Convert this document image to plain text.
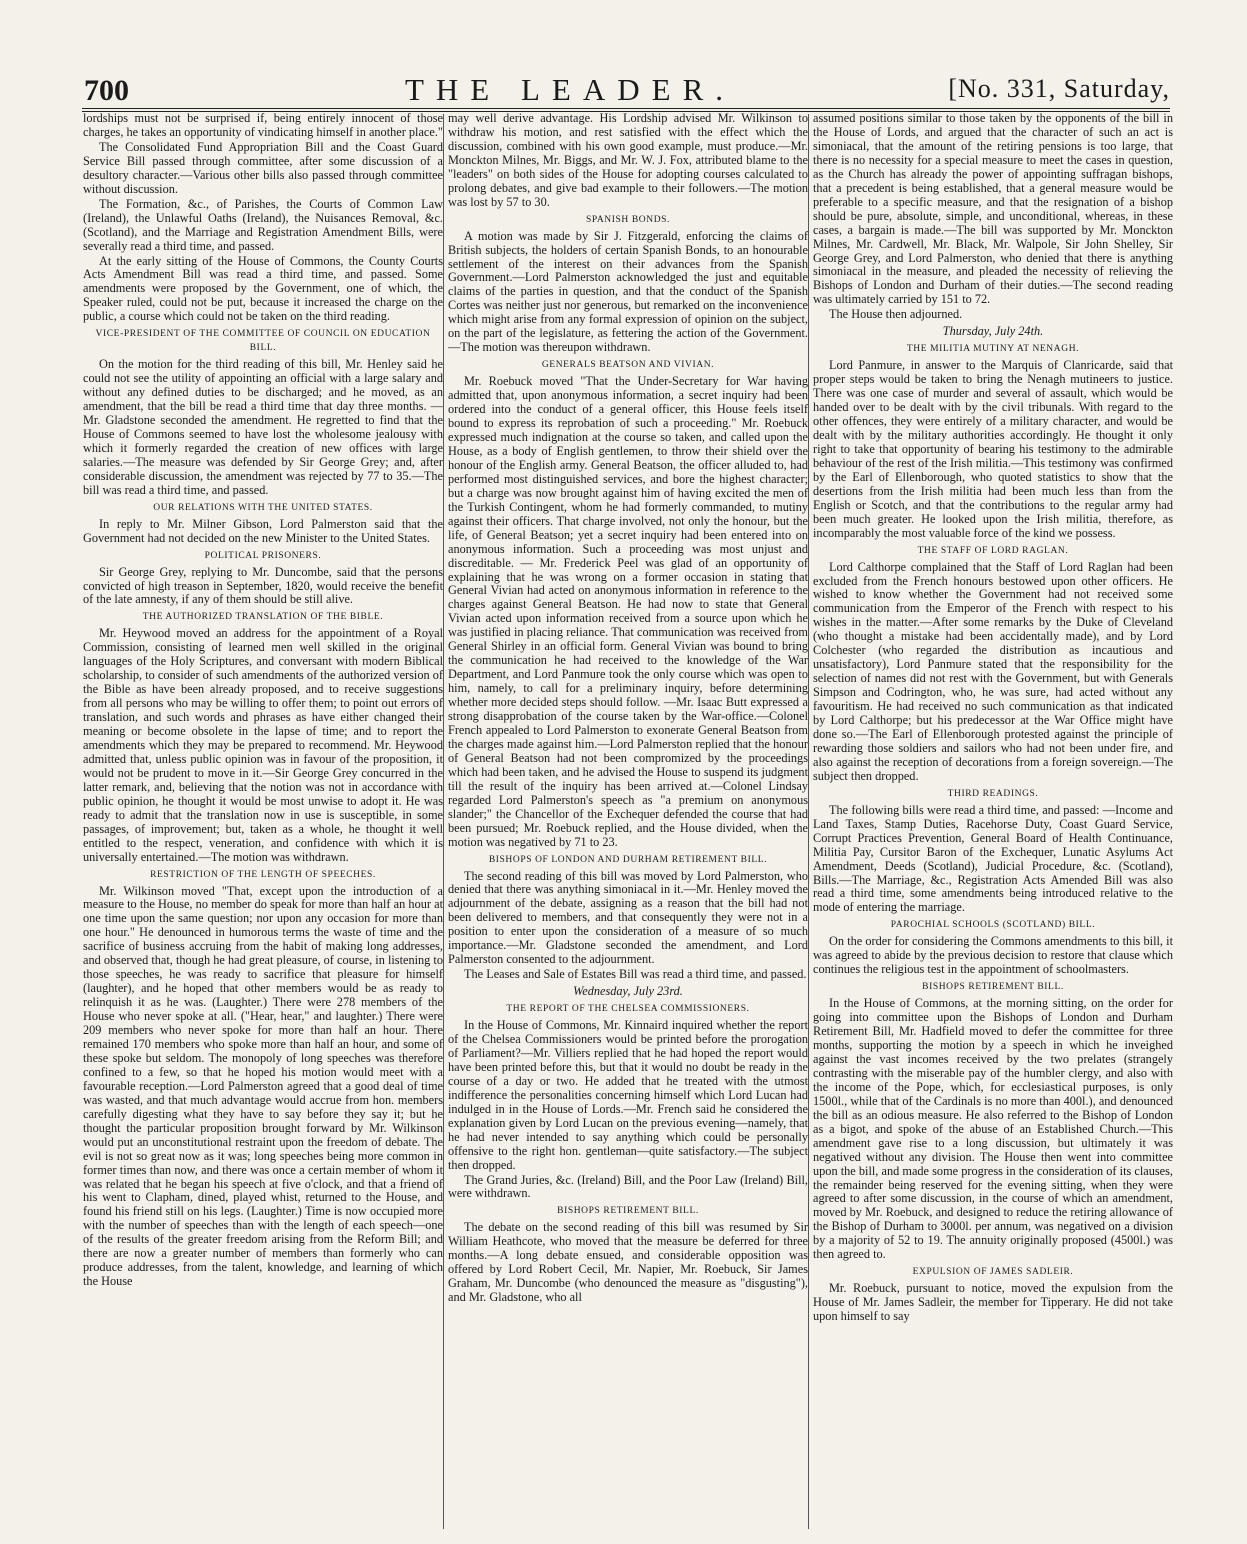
700	THE LEADER.	[No. 331, Saturday,

lordships must not be surprised if, being entirely innocent of those charges, he takes an opportunity of vindicating himself in another place."

The Consolidated Fund Appropriation Bill and the Coast Guard Service Bill passed through committee, after some discussion of a desultory character.—Various other bills also passed through committee without discussion.

The Formation, &c., of Parishes, the Courts of Common Law (Ireland), the Unlawful Oaths (Ireland), the Nuisances Removal, &c. (Scotland), and the Marriage and Registration Amendment Bills, were severally read a third time, and passed.

At the early sitting of the House of Commons, the County Courts Acts Amendment Bill was read a third time, and passed. Some amendments were proposed by the Government, one of which, the Speaker ruled, could not be put, because it increased the charge on the public, a course which could not be taken on the third reading.

VICE-PRESIDENT OF THE COMMITTEE OF COUNCIL ON EDUCATION BILL.

On the motion for the third reading of this bill, Mr. Henley said he could not see the utility of appointing an official with a large salary and without any defined duties to be discharged; and he moved, as an amendment, that the bill be read a third time that day three months. —Mr. Gladstone seconded the amendment. He regretted to find that the House of Commons seemed to have lost the wholesome jealousy with which it formerly regarded the creation of new offices with large salaries.—The measure was defended by Sir George Grey; and, after considerable discussion, the amendment was rejected by 77 to 35.—The bill was read a third time, and passed.

OUR RELATIONS WITH THE UNITED STATES.

In reply to Mr. Milner Gibson, Lord Palmerston said that the Government had not decided on the new Minister to the United States.

POLITICAL PRISONERS.

Sir George Grey, replying to Mr. Duncombe, said that the persons convicted of high treason in September, 1820, would receive the benefit of the late amnesty, if any of them should be still alive.

THE AUTHORIZED TRANSLATION OF THE BIBLE.

Mr. Heywood moved an address for the appointment of a Royal Commission, consisting of learned men well skilled in the original languages of the Holy Scriptures, and conversant with modern Biblical scholarship, to consider of such amendments of the authorized version of the Bible as have been already proposed, and to receive suggestions from all persons who may be willing to offer them; to point out errors of translation, and such words and phrases as have either changed their meaning or become obsolete in the lapse of time; and to report the amendments which they may be prepared to recommend. Mr. Heywood admitted that, unless public opinion was in favour of the proposition, it would not be prudent to move in it.—Sir George Grey concurred in the latter remark, and, believing that the notion was not in accordance with public opinion, he thought it would be most unwise to adopt it. He was ready to admit that the translation now in use is susceptible, in some passages, of improvement; but, taken as a whole, he thought it well entitled to the respect, veneration, and confidence with which it is universally entertained.—The motion was withdrawn.

RESTRICTION OF THE LENGTH OF SPEECHES.

Mr. Wilkinson moved "That, except upon the introduction of a measure to the House, no member do speak for more than half an hour at one time upon the same question; nor upon any occasion for more than one hour." He denounced in humorous terms the waste of time and the sacrifice of business accruing from the habit of making long addresses, and observed that, though he had great pleasure, of course, in listening to those speeches, he was ready to sacrifice that pleasure for himself (laughter), and he hoped that other members would be as ready to relinquish it as he was. (Laughter.) There were 278 members of the House who never spoke at all. ("Hear, hear," and laughter.) There were 209 members who never spoke for more than half an hour. There remained 170 members who spoke more than half an hour, and some of these spoke but seldom. The monopoly of long speeches was therefore confined to a few, so that he hoped his motion would meet with a favourable reception.—Lord Palmerston agreed that a good deal of time was wasted, and that much advantage would accrue from hon. members carefully digesting what they have to say before they say it; but he thought the particular proposition brought forward by Mr. Wilkinson would put an unconstitutional restraint upon the freedom of debate. The evil is not so great now as it was; long speeches being more common in former times than now, and there was once a certain member of whom it was related that he began his speech at five o'clock, and that a friend of his went to Clapham, dined, played whist, returned to the House, and found his friend still on his legs. (Laughter.) Time is now occupied more with the number of speeches than with the length of each speech—one of the results of the greater freedom arising from the Reform Bill; and there are now a greater number of members than formerly who can produce addresses, from the talent, knowledge, and learning of which the House

may well derive advantage. His Lordship advised Mr. Wilkinson to withdraw his motion, and rest satisfied with the effect which the discussion, combined with his own good example, must produce.—Mr. Monckton Milnes, Mr. Biggs, and Mr. W. J. Fox, attributed blame to the "leaders" on both sides of the House for adopting courses calculated to prolong debates, and give bad example to their followers.—The motion was lost by 57 to 30.

SPANISH BONDS.

A motion was made by Sir J. Fitzgerald, enforcing the claims of British subjects, the holders of certain Spanish Bonds, to an honourable settlement of the interest on their advances from the Spanish Government.—Lord Palmerston acknowledged the just and equitable claims of the parties in question, and that the conduct of the Spanish Cortes was neither just nor generous, but remarked on the inconvenience which might arise from any formal expression of opinion on the subject, on the part of the legislature, as fettering the action of the Government.—The motion was thereupon withdrawn.

GENERALS BEATSON AND VIVIAN.

Mr. Roebuck moved "That the Under-Secretary for War having admitted that, upon anonymous information, a secret inquiry had been ordered into the conduct of a general officer, this House feels itself bound to express its reprobation of such a proceeding." Mr. Roebuck expressed much indignation at the course so taken, and called upon the House, as a body of English gentlemen, to throw their shield over the honour of the English army. General Beatson, the officer alluded to, had performed most distinguished services, and bore the highest character; but a charge was now brought against him of having excited the men of the Turkish Contingent, whom he had formerly commanded, to mutiny against their officers. That charge involved, not only the honour, but the life, of General Beatson; yet a secret inquiry had been entered into on anonymous information. Such a proceeding was most unjust and discreditable. — Mr. Frederick Peel was glad of an opportunity of explaining that he was wrong on a former occasion in stating that General Vivian had acted on anonymous information in reference to the charges against General Beatson. He had now to state that General Vivian acted upon information received from a source upon which he was justified in placing reliance. That communication was received from General Shirley in an official form. General Vivian was bound to bring the communication he had received to the knowledge of the War Department, and Lord Panmure took the only course which was open to him, namely, to call for a preliminary inquiry, before determining whether more decided steps should follow. —Mr. Isaac Butt expressed a strong disapprobation of the course taken by the War-office.—Colonel French appealed to Lord Palmerston to exonerate General Beatson from the charges made against him.—Lord Palmerston replied that the honour of General Beatson had not been compromized by the proceedings which had been taken, and he advised the House to suspend its judgment till the result of the inquiry has been arrived at.—Colonel Lindsay regarded Lord Palmerston's speech as "a premium on anonymous slander;" the Chancellor of the Exchequer defended the course that had been pursued; Mr. Roebuck replied, and the House divided, when the motion was negatived by 71 to 23.

BISHOPS OF LONDON AND DURHAM RETIREMENT BILL.

The second reading of this bill was moved by Lord Palmerston, who denied that there was anything simoniacal in it.—Mr. Henley moved the adjournment of the debate, assigning as a reason that the bill had not been delivered to members, and that consequently they were not in a position to enter upon the consideration of a measure of so much importance.—Mr. Gladstone seconded the amendment, and Lord Palmerston consented to the adjournment.

The Leases and Sale of Estates Bill was read a third time, and passed.

Wednesday, July 23rd.
THE REPORT OF THE CHELSEA COMMISSIONERS.

In the House of Commons, Mr. Kinnaird inquired whether the report of the Chelsea Commissioners would be printed before the prorogation of Parliament?—Mr. Villiers replied that he had hoped the report would have been printed before this, but that it would no doubt be ready in the course of a day or two. He added that he treated with the utmost indifference the personalities concerning himself which Lord Lucan had indulged in in the House of Lords.—Mr. French said he considered the explanation given by Lord Lucan on the previous evening—namely, that he had never intended to say anything which could be personally offensive to the right hon. gentleman—quite satisfactory.—The subject then dropped.

The Grand Juries, &c. (Ireland) Bill, and the Poor Law (Ireland) Bill, were withdrawn.

BISHOPS RETIREMENT BILL.

The debate on the second reading of this bill was resumed by Sir William Heathcote, who moved that the measure be deferred for three months.—A long debate ensued, and considerable opposition was offered by Lord Robert Cecil, Mr. Napier, Mr. Roebuck, Sir James Graham, Mr. Duncombe (who denounced the measure as "disgusting"), and Mr. Gladstone, who all

assumed positions similar to those taken by the opponents of the bill in the House of Lords, and argued that the character of such an act is simoniacal, that the amount of the retiring pensions is too large, that there is no necessity for a special measure to meet the cases in question, as the Church has already the power of appointing suffragan bishops, that a precedent is being established, that a general measure would be preferable to a specific measure, and that the resignation of a bishop should be pure, absolute, simple, and unconditional, whereas, in these cases, a bargain is made.—The bill was supported by Mr. Monckton Milnes, Mr. Cardwell, Mr. Black, Mr. Walpole, Sir John Shelley, Sir George Grey, and Lord Palmerston, who denied that there is anything simoniacal in the measure, and pleaded the necessity of relieving the Bishops of London and Durham of their duties.—The second reading was ultimately carried by 151 to 72.

The House then adjourned.

Thursday, July 24th.
THE MILITIA MUTINY AT NENAGH.

Lord Panmure, in answer to the Marquis of Clanricarde, said that proper steps would be taken to bring the Nenagh mutineers to justice. There was one case of murder and several of assault, which would be handed over to be dealt with by the civil tribunals. With regard to the other offences, they were entirely of a military character, and would be dealt with by the military authorities accordingly. He thought it only right to take that opportunity of bearing his testimony to the admirable behaviour of the rest of the Irish militia.—This testimony was confirmed by the Earl of Ellenborough, who quoted statistics to show that the desertions from the Irish militia had been much less than from the English or Scotch, and that the contributions to the regular army had been much greater. He looked upon the Irish militia, therefore, as incomparably the most valuable force of the kind we possess.

THE STAFF OF LORD RAGLAN.

Lord Calthorpe complained that the Staff of Lord Raglan had been excluded from the French honours bestowed upon other officers. He wished to know whether the Government had not received some communication from the Emperor of the French with respect to his wishes in the matter.—After some remarks by the Duke of Cleveland (who thought a mistake had been accidentally made), and by Lord Colchester (who regarded the distribution as incautious and unsatisfactory), Lord Panmure stated that the responsibility for the selection of names did not rest with the Government, but with Generals Simpson and Codrington, who, he was sure, had acted without any favouritism. He had received no such communication as that indicated by Lord Calthorpe; but his predecessor at the War Office might have done so.—The Earl of Ellenborough protested against the principle of rewarding those soldiers and sailors who had not been under fire, and also against the reception of decorations from a foreign sovereign.—The subject then dropped.

THIRD READINGS.

The following bills were read a third time, and passed: —Income and Land Taxes, Stamp Duties, Racehorse Duty, Coast Guard Service, Corrupt Practices Prevention, General Board of Health Continuance, Militia Pay, Cursitor Baron of the Exchequer, Lunatic Asylums Act Amendment, Deeds (Scotland), Judicial Procedure, &c. (Scotland), Bills.—The Marriage, &c., Registration Acts Amended Bill was also read a third time, some amendments being introduced relative to the mode of entering the marriage.

PAROCHIAL SCHOOLS (SCOTLAND) BILL.

On the order for considering the Commons amendments to this bill, it was agreed to abide by the previous decision to restore that clause which continues the religious test in the appointment of schoolmasters.

BISHOPS RETIREMENT BILL.

In the House of Commons, at the morning sitting, on the order for going into committee upon the Bishops of London and Durham Retirement Bill, Mr. Hadfield moved to defer the committee for three months, supporting the motion by a speech in which he inveighed against the vast incomes received by the two prelates (strangely contrasting with the miserable pay of the humbler clergy, and also with the income of the Pope, which, for ecclesiastical purposes, is only 1500l., while that of the Cardinals is no more than 400l.), and denounced the bill as an odious measure. He also referred to the Bishop of London as a bigot, and spoke of the abuse of an Established Church.—This amendment gave rise to a long discussion, but ultimately it was negatived without any division. The House then went into committee upon the bill, and made some progress in the consideration of its clauses, the remainder being reserved for the evening sitting, when they were agreed to after some discussion, in the course of which an amendment, moved by Mr. Roebuck, and designed to reduce the retiring allowance of the Bishop of Durham to 3000l. per annum, was negatived on a division by a majority of 52 to 19. The annuity originally proposed (4500l.) was then agreed to.

EXPULSION OF JAMES SADLEIR.

Mr. Roebuck, pursuant to notice, moved the expulsion from the House of Mr. James Sadleir, the member for Tipperary. He did not take upon himself to say
